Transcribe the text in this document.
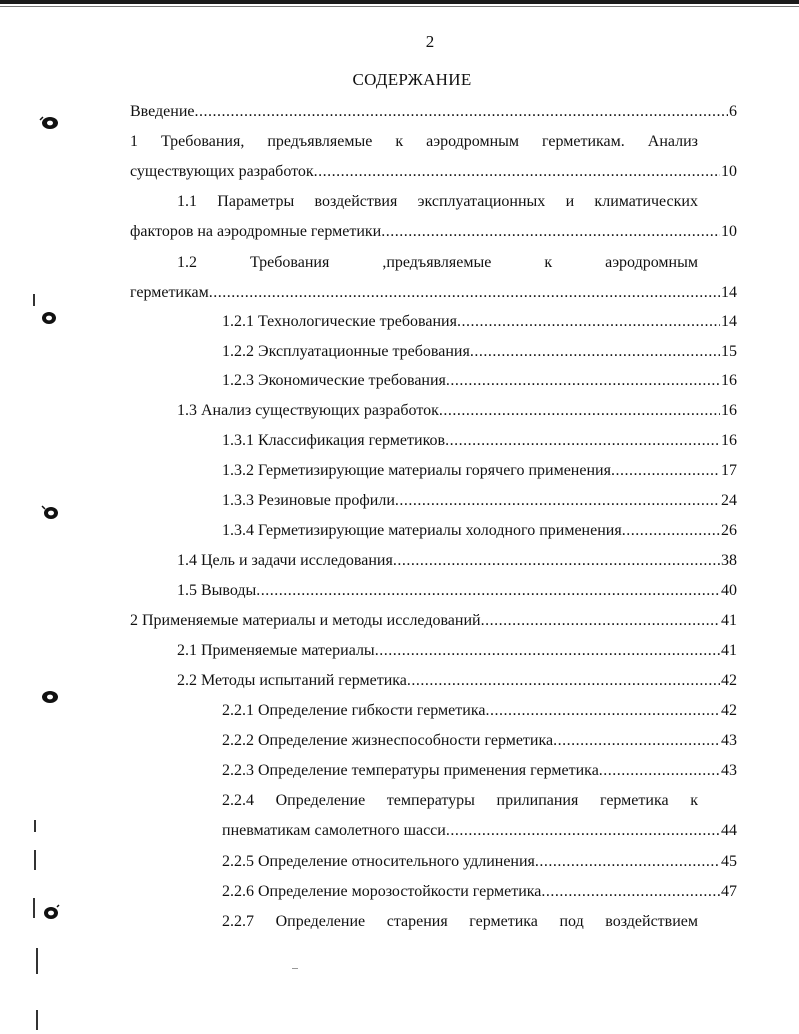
2
СОДЕРЖАНИЕ
Введение .....	6
1 Требования, предъявляемые к аэродромным герметикам. Анализ
существующих разработок .....	10
1.1 Параметры воздействия эксплуатационных и климатических
факторов на аэродромные герметики .....	10
1.2 Требования ,предъявляемые к аэродромным
герметикам .....	14
1.2.1 Технологические требования .....	14
1.2.2 Эксплуатационные требования .....	15
1.2.3 Экономические требования .....	16
1.3 Анализ существующих разработок .....	16
1.3.1 Классификация герметиков .....	16
1.3.2 Герметизирующие материалы горячего применения .....	17
1.3.3 Резиновые профили .....	24
1.3.4 Герметизирующие материалы холодного применения .....	26
1.4 Цель и задачи исследования .....	38
1.5 Выводы .....	40
2 Применяемые материалы и методы исследований .....	41
2.1 Применяемые материалы .....	41
2.2 Методы испытаний герметика .....	42
2.2.1 Определение гибкости герметика .....	42
2.2.2 Определение жизнеспособности герметика .....	43
2.2.3 Определение температуры применения герметика .....	43
2.2.4 Определение температуры прилипания герметика к
пневматикам самолетного шасси .....	44
2.2.5 Определение относительного удлинения .....	45
2.2.6 Определение морозостойкости герметика .....	47
2.2.7 Определение старения герметика под воздействием
